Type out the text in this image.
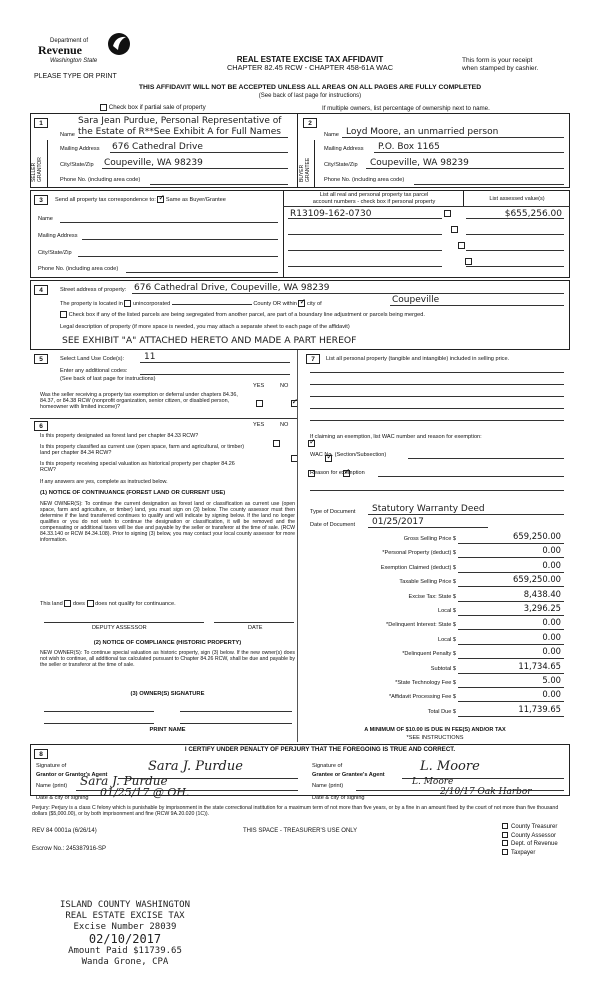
Department of
Revenue
Washington State
PLEASE TYPE OR PRINT
REAL ESTATE EXCISE TAX AFFIDAVIT
CHAPTER 82.45 RCW - CHAPTER 458-61A WAC
This form is your receipt
when stamped by cashier.
THIS AFFIDAVIT WILL NOT BE ACCEPTED UNLESS ALL AREAS ON ALL PAGES ARE FULLY COMPLETED
(See back of last page for instructions)
Check box if partial sale of property	If multiple owners, list percentage of ownership next to name.
1
SELLER GRANTOR
Sara Jean Purdue, Personal Representative of
Name the Estate of R**See Exhibit A for Full Names
Mailing Address 676 Cathedral Drive
City/State/Zip Coupeville, WA 98239
Phone No. (including area code)
2
BUYER GRANTEE
Name Loyd Moore, an unmarried person
Mailing Address P.O. Box 1165
City/State/Zip Coupeville, WA 98239
Phone No. (including area code)
3	Send all property tax correspondence to: ✓ Same as Buyer/Grantee
Name
Mailing Address
City/State/Zip
Phone No. (including area code)
List all real and personal property tax parcel
account numbers - check box if personal property	List assessed value(s)
R13109-162-0730	$655,256.00
4	Street address of property: 676 Cathedral Drive, Coupeville, WA 98239
The property is located in unincorporated	County OR within ✓ city of	Coupeville
Check box if any of the listed parcels are being segregated from another parcel, are part of a boundary line adjustment or parcels being merged.
Legal description of property (if more space is needed, you may attach a separate sheet to each page of the affidavit)
SEE EXHIBIT "A" ATTACHED HERETO AND MADE A PART HEREOF
5	Select Land Use Code(s): 11
Enter any additional codes:
(See back of last page for instructions)
YES	NO
Was the seller receiving a property tax exemption or deferral under chapters 84.36, 84.37, or 84.38 RCW (nonprofit organization, senior citizen, or disabled person, homeowner with limited income)?
✓
6	YES	NO
Is this property designated as forest land per chapter 84.33 RCW?
✓
Is this property classified as current use (open space, farm and agricultural, or timber) land per chapter 84.34 RCW?
✓
Is this property receiving special valuation as historical property per chapter 84.26 RCW?
✓
If any answers are yes, complete as instructed below.
(1) NOTICE OF CONTINUANCE (FOREST LAND OR CURRENT USE)
NEW OWNER(S): To continue the current designation as forest land or classification as current use (open space, farm and agriculture, or timber) land, you must sign on (3) below. The county assessor must then determine if the land transferred continues to qualify and will indicate by signing below. If the land no longer qualifies or you do not wish to continue the designation or classification, it will be removed and the compensating or additional taxes will be due and payable by the seller or transferor at the time of sale. (RCW 84.33.140 or RCW 84.34.108). Prior to signing (3) below, you may contact your local county assessor for more information.
This land does does not qualify for continuance.
DEPUTY ASSESSOR	DATE
(2) NOTICE OF COMPLIANCE (HISTORIC PROPERTY)
NEW OWNER(S): To continue special valuation as historic property, sign (3) below. If the new owner(s) does not wish to continue, all additional tax calculated pursuant to Chapter 84.26 RCW, shall be due and payable by the seller or transferor at the time of sale.
(3) OWNER(S) SIGNATURE
PRINT NAME
7	List all personal property (tangible and intangible) included in selling price.
If claiming an exemption, list WAC number and reason for exemption:
WAC No. (Section/Subsection)
Reason for exemption
Type of Document Statutory Warranty Deed
Date of Document 01/25/2017
Gross Selling Price $	659,250.00
*Personal Property (deduct) $	0.00
Exemption Claimed (deduct) $	0.00
Taxable Selling Price $	659,250.00
Excise Tax: State $	8,438.40
Local $	3,296.25
*Delinquent Interest: State $	0.00
Local $	0.00
*Delinquent Penalty $	0.00
Subtotal $	11,734.65
*State Technology Fee $	5.00
*Affidavit Processing Fee $	0.00
Total Due $	11,739.65
A MINIMUM OF $10.00 IS DUE IN FEE(S) AND/OR TAX
*SEE INSTRUCTIONS
8
I CERTIFY UNDER PENALTY OF PERJURY THAT THE FOREGOING IS TRUE AND CORRECT.
Signature of
Grantor or Grantor's Agent
Sara J. Purdue
Name (print) Sara J. Purdue
Date & city of signing 01/25/17 @ OH.
Signature of
Grantee or Grantee's Agent
L. Moore
Name (print)	L. Moore
Date & city of signing
2/10/17 Oak Harbor
Perjury: Perjury is a class C felony which is punishable by imprisonment in the state correctional institution for a maximum term of not more than five years, or by a fine in an amount fixed by the court of not more than five thousand dollars ($5,000.00), or by both imprisonment and fine (RCW 9A.20.020 (1C)).
REV 84 0001a (6/26/14)	THIS SPACE - TREASURER'S USE ONLY
Escrow No.: 245387916-SP
County Treasurer
County Assessor
Dept. of Revenue
Taxpayer
ISLAND COUNTY WASHINGTON
REAL ESTATE EXCISE TAX
Excise Number 28039
02/10/2017
Amount Paid $11739.65
Wanda Grone, CPA
